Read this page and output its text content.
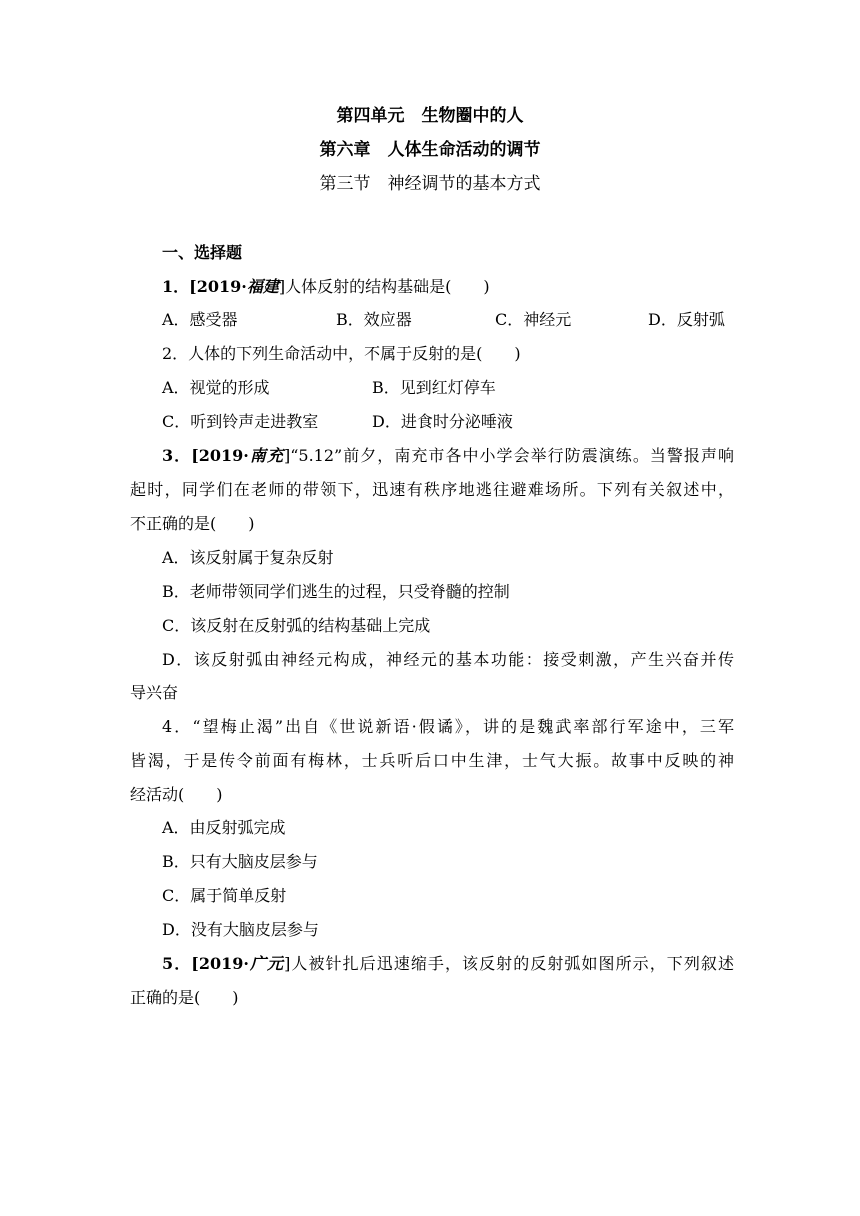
第四单元　生物圈中的人
第六章　人体生命活动的调节
第三节　神经调节的基本方式
一、选择题
1．[2019·福建]人体反射的结构基础是(　　)
A．感受器	B．效应器	C．神经元	D．反射弧
2．人体的下列生命活动中，不属于反射的是(　　)
A．视觉的形成	B．见到红灯停车
C．听到铃声走进教室	D．进食时分泌唾液
3．[2019·南充]“5.12”前夕，南充市各中小学会举行防震演练。当警报声响
起时，同学们在老师的带领下，迅速有秩序地逃往避难场所。下列有关叙述中，
不正确的是(　　)
A．该反射属于复杂反射
B．老师带领同学们逃生的过程，只受脊髓的控制
C．该反射在反射弧的结构基础上完成
D．该反射弧由神经元构成，神经元的基本功能：接受刺激，产生兴奋并传
导兴奋
4．“望梅止渴”出自《世说新语·假谲》，讲的是魏武率部行军途中，三军
皆渴，于是传令前面有梅林，士兵听后口中生津，士气大振。故事中反映的神
经活动(　　)
A．由反射弧完成
B．只有大脑皮层参与
C．属于简单反射
D．没有大脑皮层参与
5．[2019·广元]人被针扎后迅速缩手，该反射的反射弧如图所示，下列叙述
正确的是(　　)
